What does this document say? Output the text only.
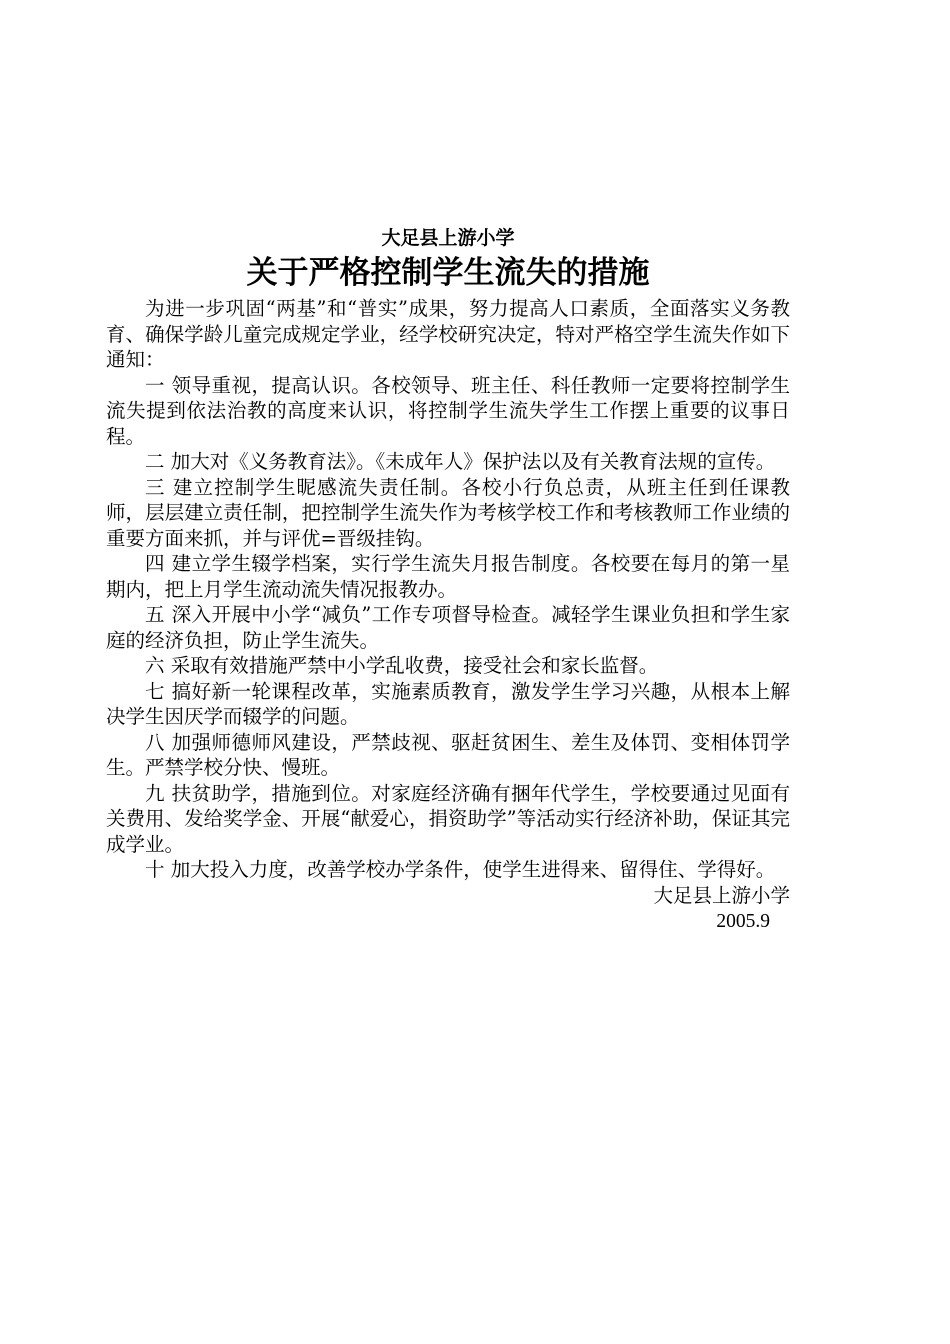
大足县上游小学

关于严格控制学生流失的措施

为进一步巩固“两基”和“普实”成果，努力提高人口素质，全面落实义务教育、确保学龄儿童完成规定学业，经学校研究决定，特对严格空学生流失作如下通知：

一 领导重视，提高认识。各校领导、班主任、科任教师一定要将控制学生流失提到依法治教的高度来认识，将控制学生流失学生工作摆上重要的议事日程。

二 加大对《义务教育法》。《未成年人》保护法以及有关教育法规的宣传。

三 建立控制学生昵感流失责任制。各校小行负总责，从班主任到任课教师，层层建立责任制，把控制学生流失作为考核学校工作和考核教师工作业绩的重要方面来抓，并与评优=晋级挂钩。

四 建立学生辍学档案，实行学生流失月报告制度。各校要在每月的第一星期内，把上月学生流动流失情况报教办。

五 深入开展中小学“减负”工作专项督导检查。减轻学生课业负担和学生家庭的经济负担，防止学生流失。

六 采取有效措施严禁中小学乱收费，接受社会和家长监督。

七 搞好新一轮课程改革，实施素质教育，激发学生学习兴趣，从根本上解决学生因厌学而辍学的问题。

八 加强师德师风建设，严禁歧视、驱赶贫困生、差生及体罚、变相体罚学生。严禁学校分快、慢班。

九 扶贫助学，措施到位。对家庭经济确有捆年代学生，学校要通过见面有关费用、发给奖学金、开展“献爱心，捐资助学”等活动实行经济补助，保证其完成学业。

十 加大投入力度，改善学校办学条件，使学生进得来、留得住、学得好。

大足县上游小学

2005.9
